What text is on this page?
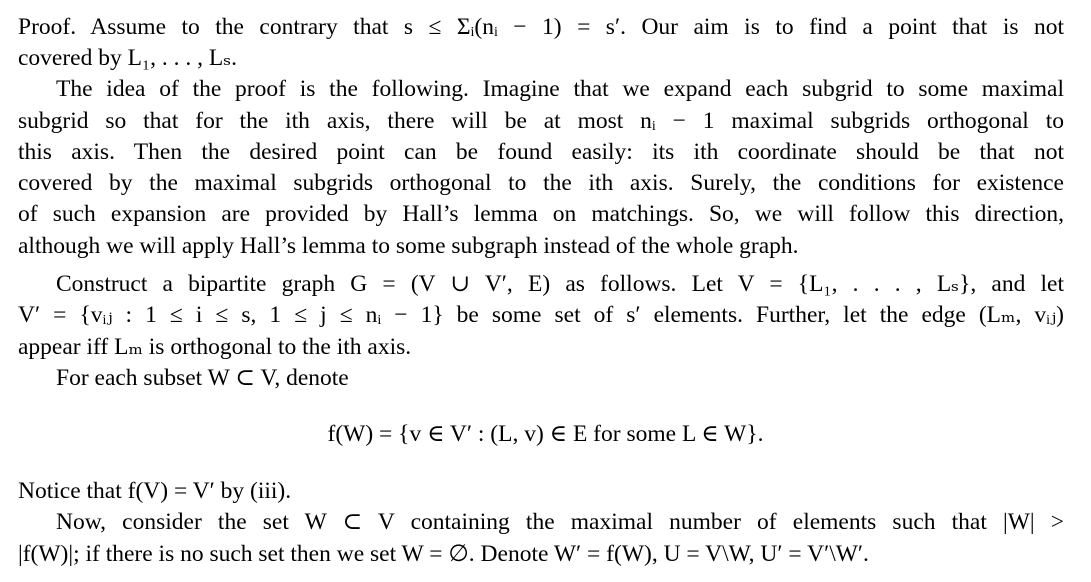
Proof. Assume to the contrary that s ≤ Σᵢ(nᵢ − 1) = s′. Our aim is to find a point that is not
covered by L₁, . . . , Lₛ.
The idea of the proof is the following. Imagine that we expand each subgrid to some maximal
subgrid so that for the ith axis, there will be at most nᵢ − 1 maximal subgrids orthogonal to
this axis. Then the desired point can be found easily: its ith coordinate should be that not
covered by the maximal subgrids orthogonal to the ith axis. Surely, the conditions for existence
of such expansion are provided by Hall’s lemma on matchings. So, we will follow this direction,
although we will apply Hall’s lemma to some subgraph instead of the whole graph.
Construct a bipartite graph G = (V ∪ V′, E) as follows. Let V = {L₁, . . . , Lₛ}, and let
V′ = {vᵢⱼ : 1 ≤ i ≤ s, 1 ≤ j ≤ nᵢ − 1} be some set of s′ elements. Further, let the edge (Lₘ, vᵢⱼ)
appear iff Lₘ is orthogonal to the ith axis.
For each subset W ⊂ V, denote
f(W) = {v ∈ V′ : (L, v) ∈ E for some L ∈ W}.
Notice that f(V) = V′ by (iii).
Now, consider the set W ⊂ V containing the maximal number of elements such that |W| >
|f(W)|; if there is no such set then we set W = ∅. Denote W′ = f(W), U = V\W, U′ = V′\W′.
